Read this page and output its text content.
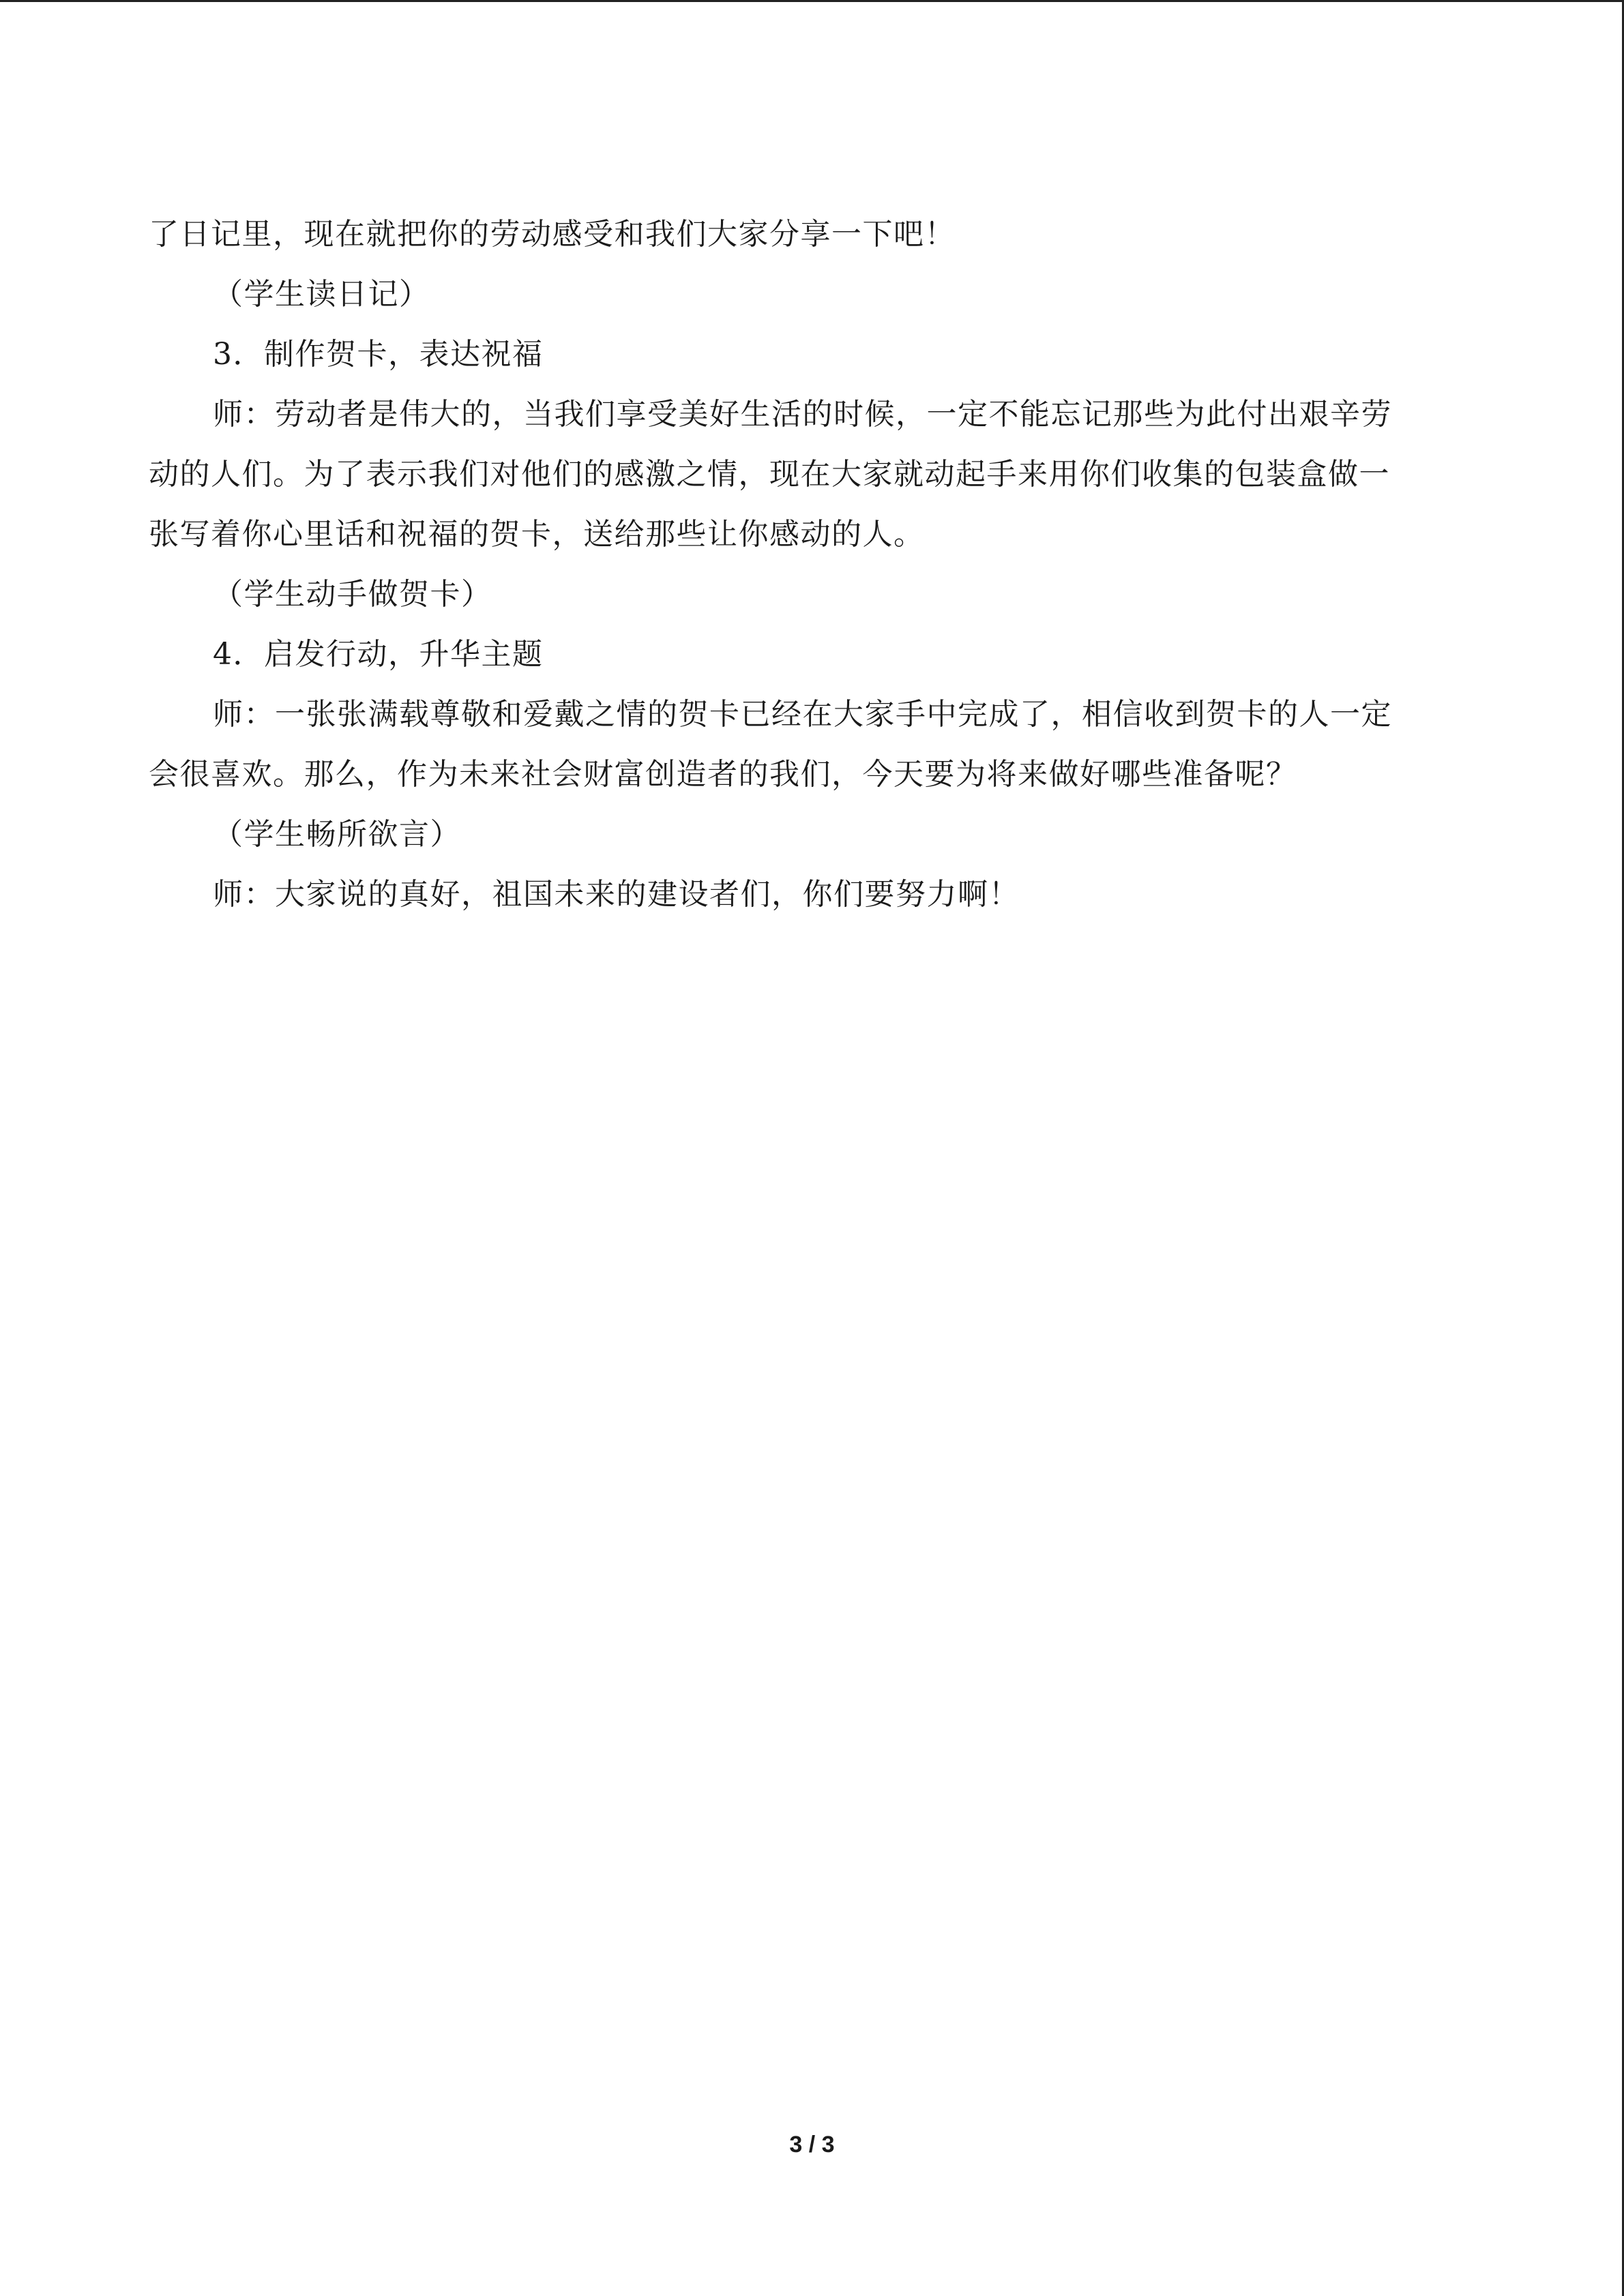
了日记里，现在就把你的劳动感受和我们大家分享一下吧！
（学生读日记）
3．制作贺卡，表达祝福
师：劳动者是伟大的，当我们享受美好生活的时候，一定不能忘记那些为此付出艰辛劳
动的人们。为了表示我们对他们的感激之情，现在大家就动起手来用你们收集的包装盒做一
张写着你心里话和祝福的贺卡，送给那些让你感动的人。
（学生动手做贺卡）
4．启发行动，升华主题
师：一张张满载尊敬和爱戴之情的贺卡已经在大家手中完成了，相信收到贺卡的人一定
会很喜欢。那么，作为未来社会财富创造者的我们，今天要为将来做好哪些准备呢？
（学生畅所欲言）
师：大家说的真好，祖国未来的建设者们，你们要努力啊！
3 / 3
